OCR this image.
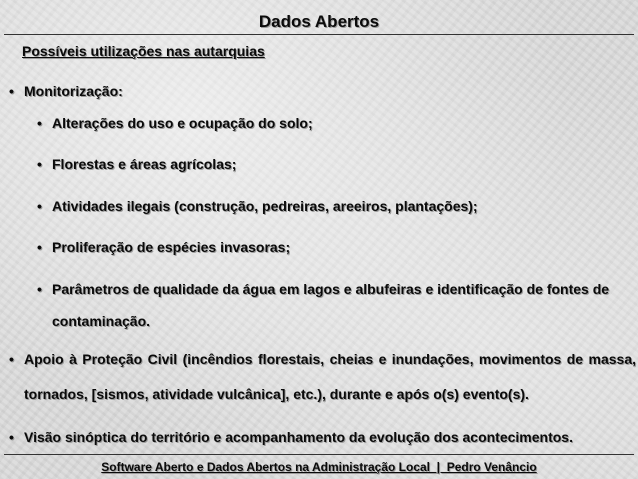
Dados Abertos
Possíveis utilizações nas autarquias
• Monitorização:
• Alterações do uso e ocupação do solo;
• Florestas e áreas agrícolas;
• Atividades ilegais (construção, pedreiras, areeiros, plantações);
• Proliferação de espécies invasoras;
• Parâmetros de qualidade da água em lagos e albufeiras e identificação de fontes de contaminação.
• Apoio à Proteção Civil (incêndios florestais, cheias e inundações, movimentos de massa, tornados, [sismos, atividade vulcânica], etc.), durante e após o(s) evento(s).
• Visão sinóptica do território e acompanhamento da evolução dos acontecimentos.
Software Aberto e Dados Abertos na Administração Local  |  Pedro Venâncio
